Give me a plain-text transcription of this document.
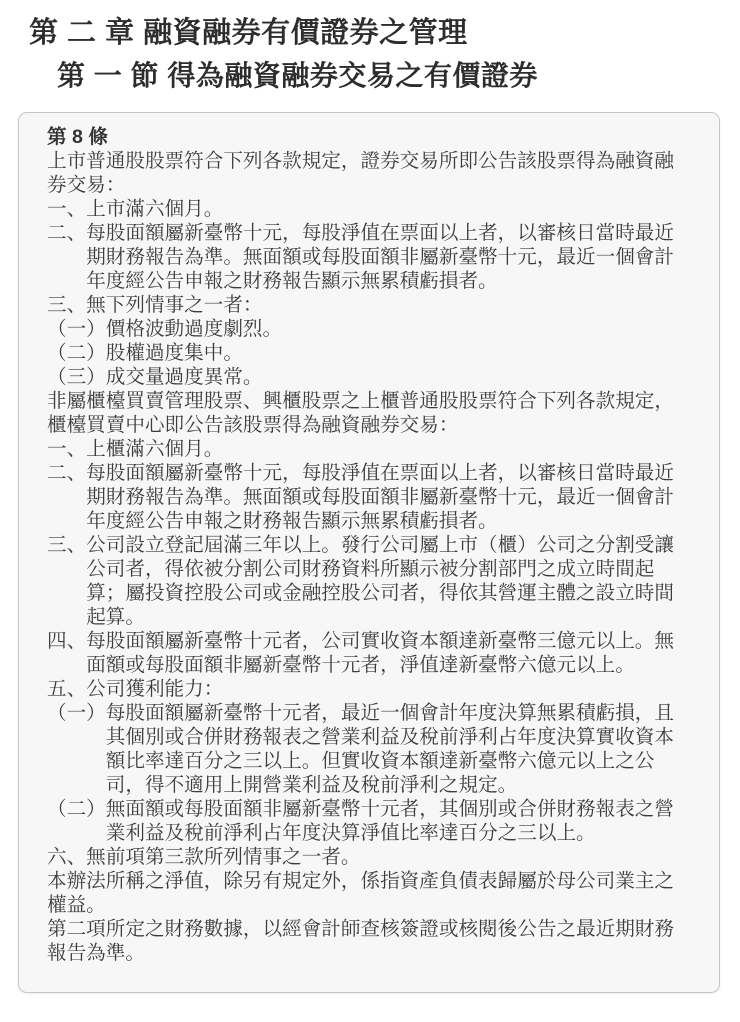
第 二 章 融資融券有價證券之管理
第 一 節 得為融資融券交易之有價證券

第 8 條

上市普通股股票符合下列各款規定，證券交易所即公告該股票得為融資融券交易：

一、上市滿六個月。

二、每股面額屬新臺幣十元，每股淨值在票面以上者，以審核日當時最近期財務報告為準。無面額或每股面額非屬新臺幣十元，最近一個會計年度經公告申報之財務報告顯示無累積虧損者。

三、無下列情事之一者：

（一）價格波動過度劇烈。

（二）股權過度集中。

（三）成交量過度異常。

非屬櫃檯買賣管理股票、興櫃股票之上櫃普通股股票符合下列各款規定，櫃檯買賣中心即公告該股票得為融資融券交易：

一、上櫃滿六個月。

二、每股面額屬新臺幣十元，每股淨值在票面以上者，以審核日當時最近期財務報告為準。無面額或每股面額非屬新臺幣十元，最近一個會計年度經公告申報之財務報告顯示無累積虧損者。

三、公司設立登記屆滿三年以上。發行公司屬上市（櫃）公司之分割受讓公司者，得依被分割公司財務資料所顯示被分割部門之成立時間起算；屬投資控股公司或金融控股公司者，得依其營運主體之設立時間起算。

四、每股面額屬新臺幣十元者，公司實收資本額達新臺幣三億元以上。無面額或每股面額非屬新臺幣十元者，淨值達新臺幣六億元以上。

五、公司獲利能力：

（一）每股面額屬新臺幣十元者，最近一個會計年度決算無累積虧損，且其個別或合併財務報表之營業利益及稅前淨利占年度決算實收資本額比率達百分之三以上。但實收資本額達新臺幣六億元以上之公司，得不適用上開營業利益及稅前淨利之規定。

（二）無面額或每股面額非屬新臺幣十元者，其個別或合併財務報表之營業利益及稅前淨利占年度決算淨值比率達百分之三以上。

六、無前項第三款所列情事之一者。

本辦法所稱之淨值，除另有規定外，係指資產負債表歸屬於母公司業主之權益。

第二項所定之財務數據，以經會計師查核簽證或核閱後公告之最近期財務報告為準。
